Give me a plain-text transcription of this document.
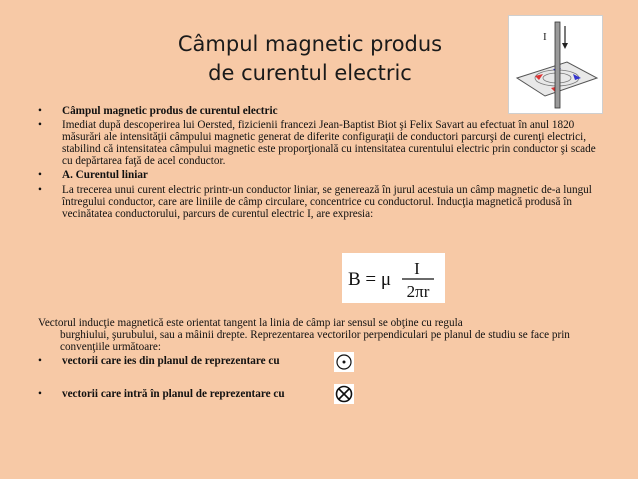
Câmpul magnetic produs
de curentul electric
I

• Câmpul magnetic produs de curentul electric

• Imediat după descoperirea lui Oersted, fizicienii francezi Jean-Baptist Biot şi Felix Savart au efectuat în anul 1820 măsurări ale intensităţii câmpului magnetic generat de diferite configuraţii de conductori parcurşi de curenţi electrici, stabilind că intensitatea câmpului magnetic este proporţională cu intensitatea curentului electric prin conductor şi scade cu depărtarea faţă de acel conductor.

• A. Curentul liniar

• La trecerea unui curent electric printr-un conductor liniar, se generează în jurul acestuia un câmp magnetic de-a lungul întregului conductor, care are liniile de câmp circulare, concentrice cu conductorul. Inducţia magnetică produsă în vecinătatea conductorului, parcurs de curentul electric I, are expresia:

B = μ
I
2πr
Vectorul inducţie magnetică este orientat tangent la linia de câmp iar sensul se obţine cu regula
burghiului, şurubului, sau a mâinii drepte. Reprezentarea vectorilor perpendiculari pe planul de studiu se face prin convenţiile următoare:
• vectorii care ies din planul de reprezentare cu
• vectorii care intră în planul de reprezentare cu
